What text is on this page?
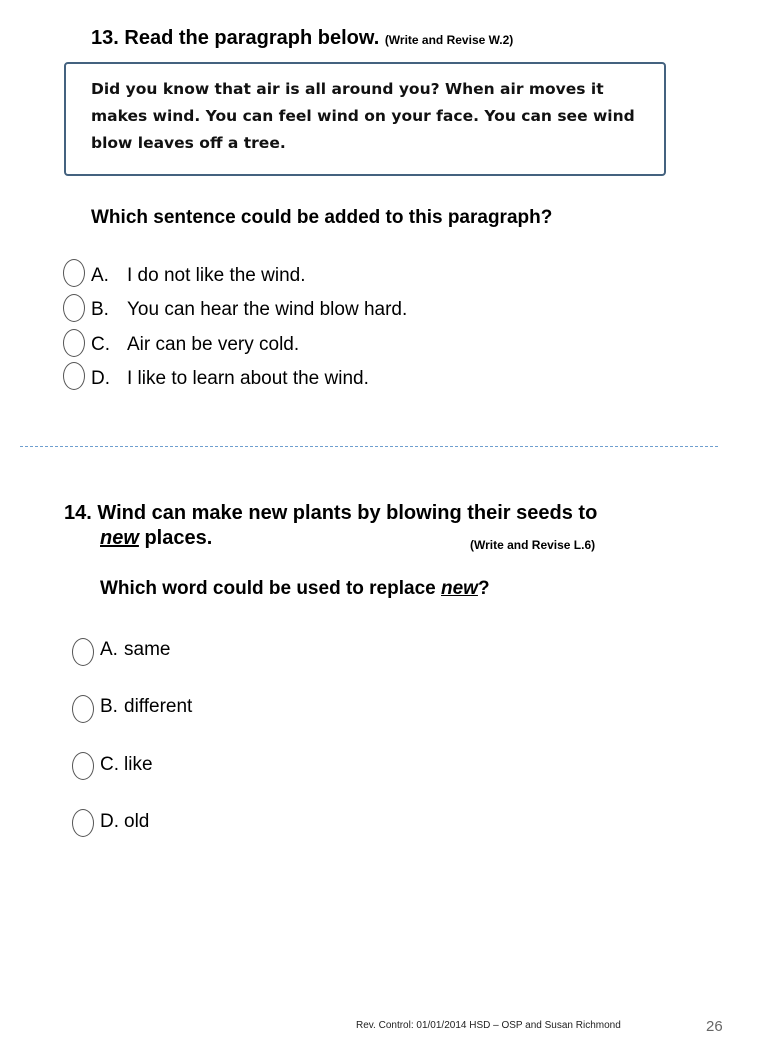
13. Read the paragraph below. (Write and Revise W.2)
Did you know that air is all around you? When air moves it
makes wind. You can feel wind on your face. You can see wind
blow leaves off a tree.
Which sentence could be added to this paragraph?
A. I do not like the wind.
B. You can hear the wind blow hard.
C. Air can be very cold.
D. I like to learn about the wind.
14. Wind can make new plants by blowing their seeds to
new places.	(Write and Revise L.6)
Which word could be used to replace new?
A. same
B. different
C. like
D. old
Rev. Control: 01/01/2014 HSD – OSP and Susan Richmond	26
